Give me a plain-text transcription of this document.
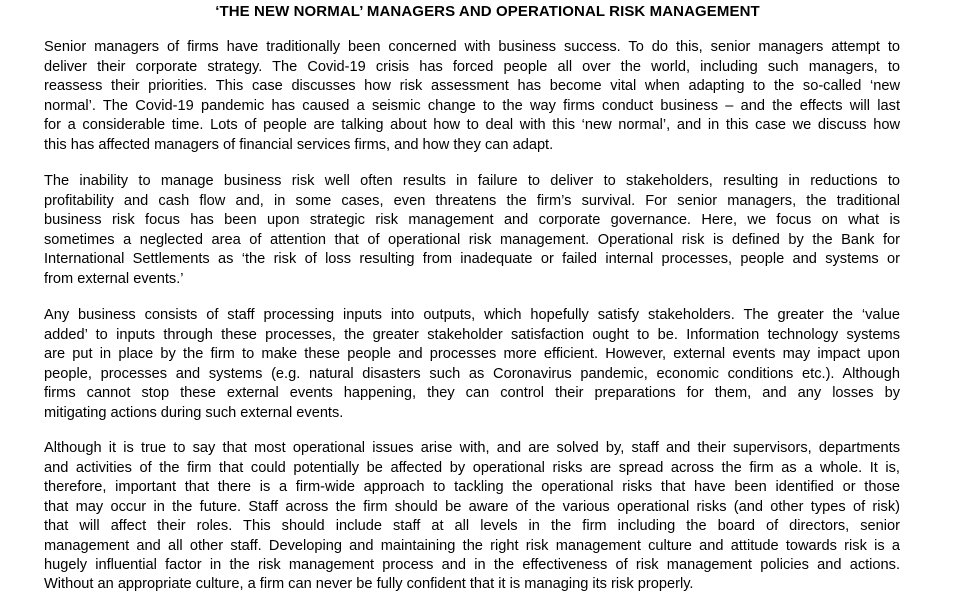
‘THE NEW NORMAL’ MANAGERS AND OPERATIONAL RISK MANAGEMENT
Senior managers of firms have traditionally been concerned with business success. To do this, senior managers attempt to
deliver their corporate strategy. The Covid-19 crisis has forced people all over the world, including such managers, to
reassess their priorities. This case discusses how risk assessment has become vital when adapting to the so-called ‘new
normal’. The Covid-19 pandemic has caused a seismic change to the way firms conduct business – and the effects will last
for a considerable time. Lots of people are talking about how to deal with this ‘new normal’, and in this case we discuss how
this has affected managers of financial services firms, and how they can adapt.
The inability to manage business risk well often results in failure to deliver to stakeholders, resulting in reductions to
profitability and cash flow and, in some cases, even threatens the firm’s survival. For senior managers, the traditional
business risk focus has been upon strategic risk management and corporate governance. Here, we focus on what is
sometimes a neglected area of attention that of operational risk management. Operational risk is defined by the Bank for
International Settlements as ‘the risk of loss resulting from inadequate or failed internal processes, people and systems or
from external events.’
Any business consists of staff processing inputs into outputs, which hopefully satisfy stakeholders. The greater the ‘value
added’ to inputs through these processes, the greater stakeholder satisfaction ought to be. Information technology systems
are put in place by the firm to make these people and processes more efficient. However, external events may impact upon
people, processes and systems (e.g. natural disasters such as Coronavirus pandemic, economic conditions etc.). Although
firms cannot stop these external events happening, they can control their preparations for them, and any losses by
mitigating actions during such external events.
Although it is true to say that most operational issues arise with, and are solved by, staff and their supervisors, departments
and activities of the firm that could potentially be affected by operational risks are spread across the firm as a whole. It is,
therefore, important that there is a firm-wide approach to tackling the operational risks that have been identified or those
that may occur in the future. Staff across the firm should be aware of the various operational risks (and other types of risk)
that will affect their roles. This should include staff at all levels in the firm including the board of directors, senior
management and all other staff. Developing and maintaining the right risk management culture and attitude towards risk is a
hugely influential factor in the risk management process and in the effectiveness of risk management policies and actions.
Without an appropriate culture, a firm can never be fully confident that it is managing its risk properly.
